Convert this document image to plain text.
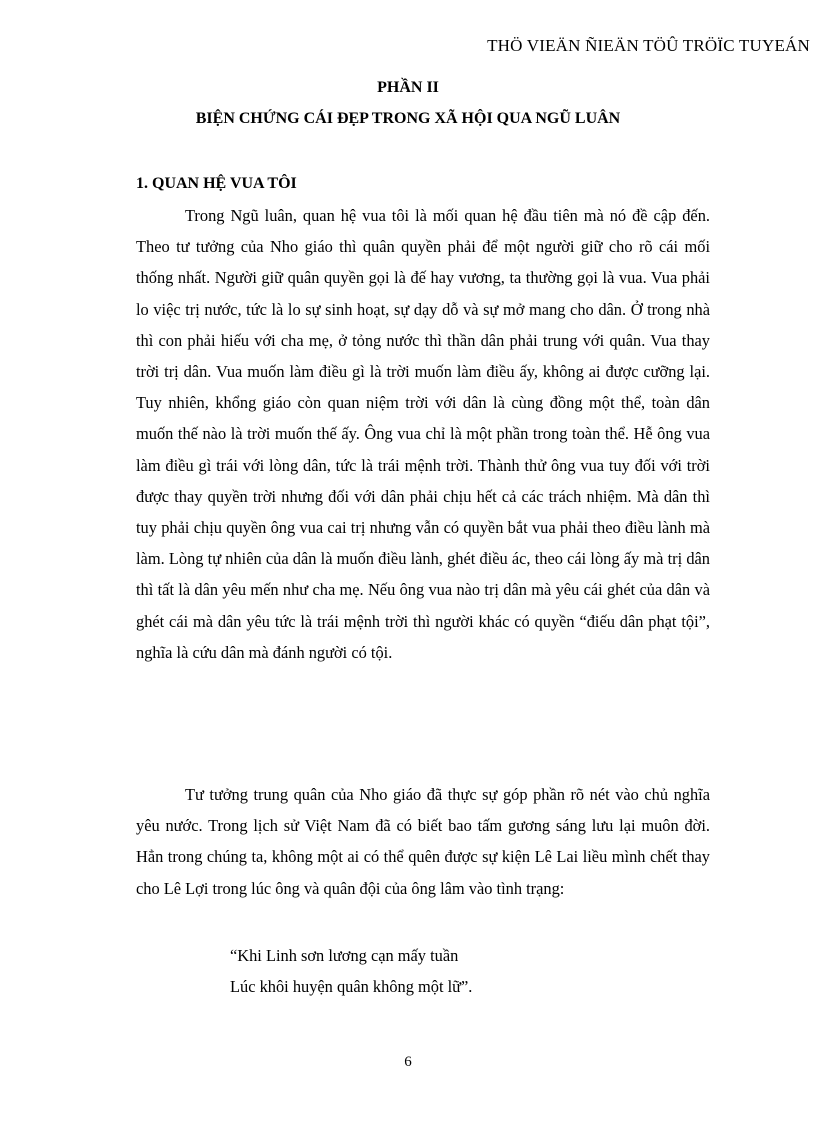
THÖ VIEÄN ÑIEÄN TÖÛ TRÖÏC TUYEÁN
PHẦN II
BIỆN CHỨNG CÁI ĐẸP TRONG XÃ HỘI QUA NGŨ LUÂN
1. QUAN HỆ VUA TÔI

Trong Ngũ luân, quan hệ vua tôi là mối quan hệ đầu tiên mà nó đề cập đến. Theo tư tưởng của Nho giáo thì quân quyền phải để một người giữ cho rõ cái mối thống nhất. Người giữ quân quyền gọi là đế hay vương, ta thường gọi là vua. Vua phải lo việc trị nước, tức là lo sự sinh hoạt, sự dạy dỗ và sự mở mang cho dân. Ở trong nhà thì con phải hiếu với cha mẹ, ở tỏng nước thì thần dân phải trung với quân. Vua thay trời trị dân. Vua muốn làm điều gì là trời muốn làm điều ấy, không ai được cưỡng lại. Tuy nhiên, khổng giáo còn quan niệm trời với dân là cùng đồng một thể, toàn dân muốn thế nào là trời muốn thế ấy. Ông vua chỉ là một phần trong toàn thể. Hễ ông vua làm điều gì trái với lòng dân, tức là trái mệnh trời. Thành thử ông vua tuy đối với trời được thay quyền trời nhưng đối với dân phải chịu hết cả các trách nhiệm. Mà dân thì tuy phải chịu quyền ông vua cai trị nhưng vẫn có quyền bắt vua phải theo điều lành mà làm. Lòng tự nhiên của dân là muốn điều lành, ghét điều ác, theo cái lòng ấy mà trị dân thì tất là dân yêu mến như cha mẹ. Nếu ông vua nào trị dân mà yêu cái ghét của dân và ghét cái mà dân yêu tức là trái mệnh trời thì người khác có quyền “điếu dân phạt tội”, nghĩa là cứu dân mà đánh người có tội.

Tư tưởng trung quân của Nho giáo đã thực sự góp phần rõ nét vào chủ nghĩa yêu nước. Trong lịch sử Việt Nam đã có biết bao tấm gương sáng lưu lại muôn đời. Hẳn trong chúng ta, không một ai có thể quên được sự kiện Lê Lai liều mình chết thay cho Lê Lợi trong lúc ông và quân đội của ông lâm vào tình trạng:

“Khi Linh sơn lương cạn mấy tuần
Lúc khôi huyện quân không một lữ”.
6
